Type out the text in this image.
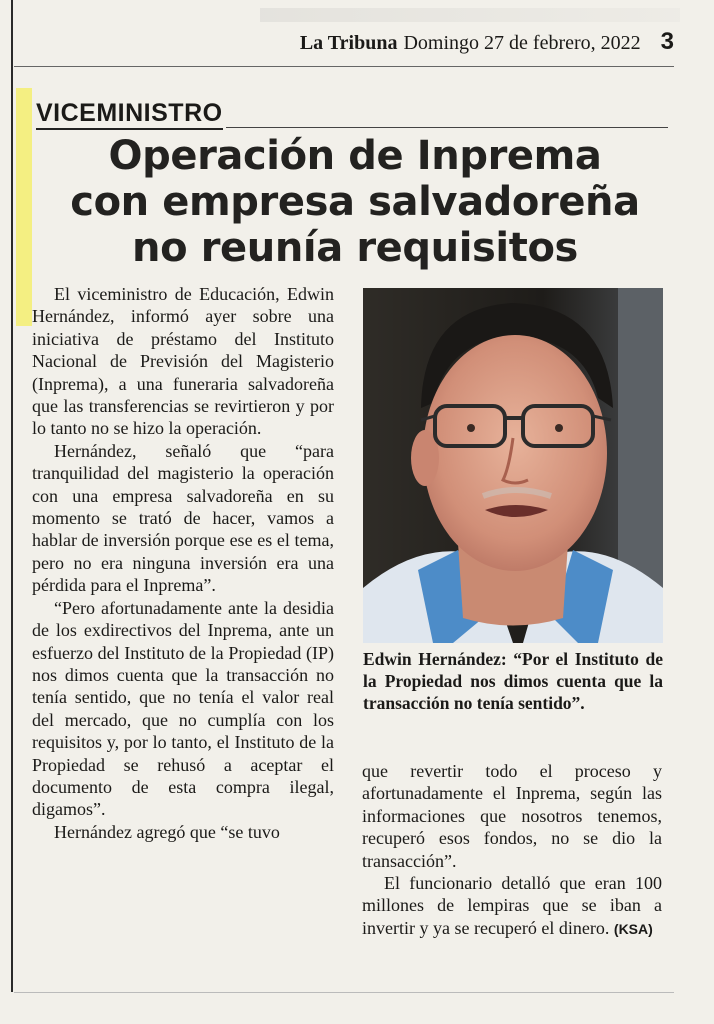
La Tribuna Domingo 27 de febrero, 2022 3
VICEMINISTRO
Operación de Inprema
con empresa salvadoreña
no reunía requisitos

El viceministro de Educación, Edwin Hernández, informó ayer sobre una iniciativa de préstamo del Instituto Nacional de Previsión del Magisterio (Inprema), a una funeraria salvadoreña que las transferencias se revirtieron y por lo tanto no se hizo la operación.

Hernández, señaló que “para tranquilidad del magisterio la operación con una empresa salvadoreña en su momento se trató de hacer, vamos a hablar de inversión porque ese es el tema, pero no era ninguna inversión era una pérdida para el Inprema”.

“Pero afortunadamente ante la desidia de los exdirectivos del Inprema, ante un esfuerzo del Instituto de la Propiedad (IP) nos dimos cuenta que la transacción no tenía sentido, que no tenía el valor real del mercado, que no cumplía con los requisitos y, por lo tanto, el Instituto de la Propiedad se rehusó a aceptar el documento de esta compra ilegal, digamos”.

Hernández agregó que “se tuvo

Edwin Hernández: “Por el Instituto de la Propiedad nos dimos cuenta que la transacción no tenía sentido”.

que revertir todo el proceso y afortunadamente el Inprema, según las informaciones que nosotros tenemos, recuperó esos fondos, no se dio la transacción”.

El funcionario detalló que eran 100 millones de lempiras que se iban a invertir y ya se recuperó el dinero. (KSA)
